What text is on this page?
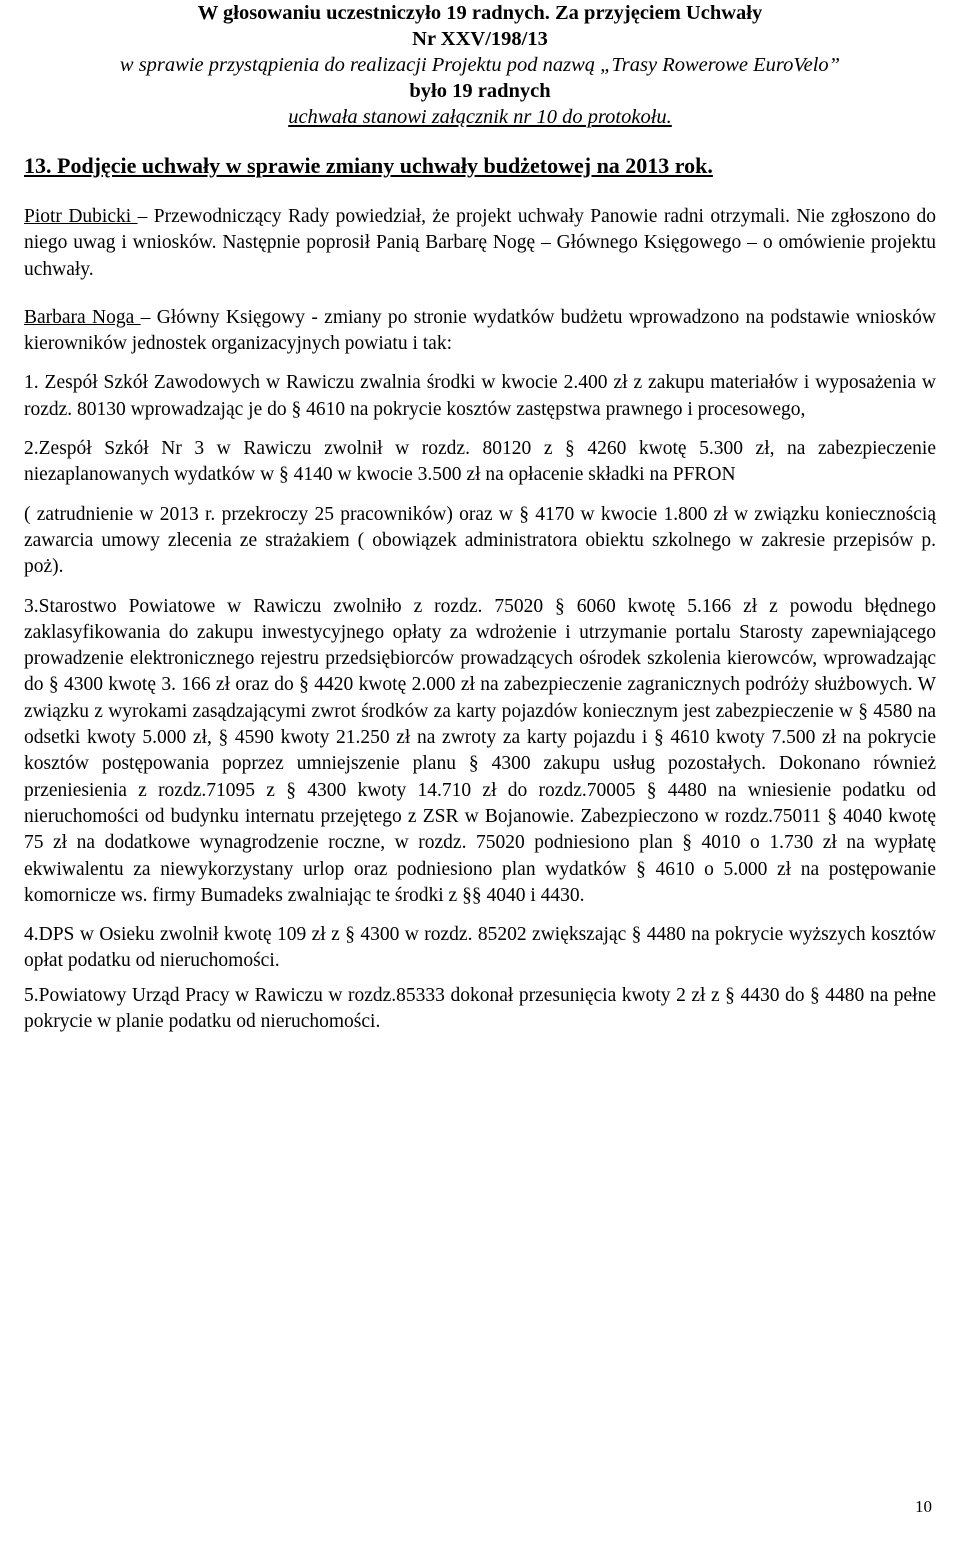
W głosowaniu uczestniczyło 19 radnych. Za przyjęciem Uchwały
Nr XXV/198/13
w sprawie przystąpienia do realizacji Projektu pod nazwą „Trasy Rowerowe EuroVelo”
było 19 radnych
uchwała stanowi załącznik nr 10 do protokołu.
13. Podjęcie uchwały w sprawie zmiany uchwały budżetowej na 2013 rok.

Piotr Dubicki – Przewodniczący Rady powiedział, że projekt uchwały Panowie radni otrzymali. Nie zgłoszono do niego uwag i wniosków. Następnie poprosił Panią Barbarę Nogę – Głównego Księgowego – o omówienie projektu uchwały.

Barbara Noga – Główny Księgowy - zmiany po stronie wydatków budżetu wprowadzono na podstawie wniosków kierowników jednostek organizacyjnych powiatu i tak:

1. Zespół Szkół Zawodowych w Rawiczu zwalnia środki w kwocie 2.400 zł z zakupu materiałów i wyposażenia w rozdz. 80130 wprowadzając je do § 4610 na pokrycie kosztów zastępstwa prawnego i procesowego,

2.Zespół Szkół Nr 3 w Rawiczu zwolnił w rozdz. 80120 z § 4260 kwotę 5.300 zł, na zabezpieczenie niezaplanowanych wydatków w § 4140 w kwocie 3.500 zł na opłacenie składki na PFRON

( zatrudnienie w 2013 r. przekroczy 25 pracowników) oraz w § 4170 w kwocie 1.800 zł w związku koniecznością zawarcia umowy zlecenia ze strażakiem ( obowiązek administratora obiektu szkolnego w zakresie przepisów p. poż).

3.Starostwo Powiatowe w Rawiczu zwolniło z rozdz. 75020 § 6060 kwotę 5.166 zł z powodu błędnego zaklasyfikowania do zakupu inwestycyjnego opłaty za wdrożenie i utrzymanie portalu Starosty zapewniającego prowadzenie elektronicznego rejestru przedsiębiorców prowadzących ośrodek szkolenia kierowców, wprowadzając do § 4300 kwotę 3. 166 zł oraz do § 4420 kwotę 2.000 zł na zabezpieczenie zagranicznych podróży służbowych. W związku z wyrokami zasądzającymi zwrot środków za karty pojazdów koniecznym jest zabezpieczenie w § 4580 na odsetki kwoty 5.000 zł, § 4590 kwoty 21.250 zł na zwroty za karty pojazdu i § 4610 kwoty 7.500 zł na pokrycie kosztów postępowania poprzez umniejszenie planu § 4300 zakupu usług pozostałych. Dokonano również przeniesienia z rozdz.71095 z § 4300 kwoty 14.710 zł do rozdz.70005 § 4480 na wniesienie podatku od nieruchomości od budynku internatu przejętego z ZSR w Bojanowie. Zabezpieczono w rozdz.75011 § 4040 kwotę 75 zł na dodatkowe wynagrodzenie roczne, w rozdz. 75020 podniesiono plan § 4010 o 1.730 zł na wypłatę ekwiwalentu za niewykorzystany urlop oraz podniesiono plan wydatków § 4610 o 5.000 zł na postępowanie komornicze ws. firmy Bumadeks zwalniając te środki z §§ 4040 i 4430.

4.DPS w Osieku zwolnił kwotę 109 zł z § 4300 w rozdz. 85202 zwiększając § 4480 na pokrycie wyższych kosztów opłat podatku od nieruchomości.

5.Powiatowy Urząd Pracy w Rawiczu w rozdz.85333 dokonał przesunięcia kwoty 2 zł z § 4430 do § 4480 na pełne pokrycie w planie podatku od nieruchomości.

10
